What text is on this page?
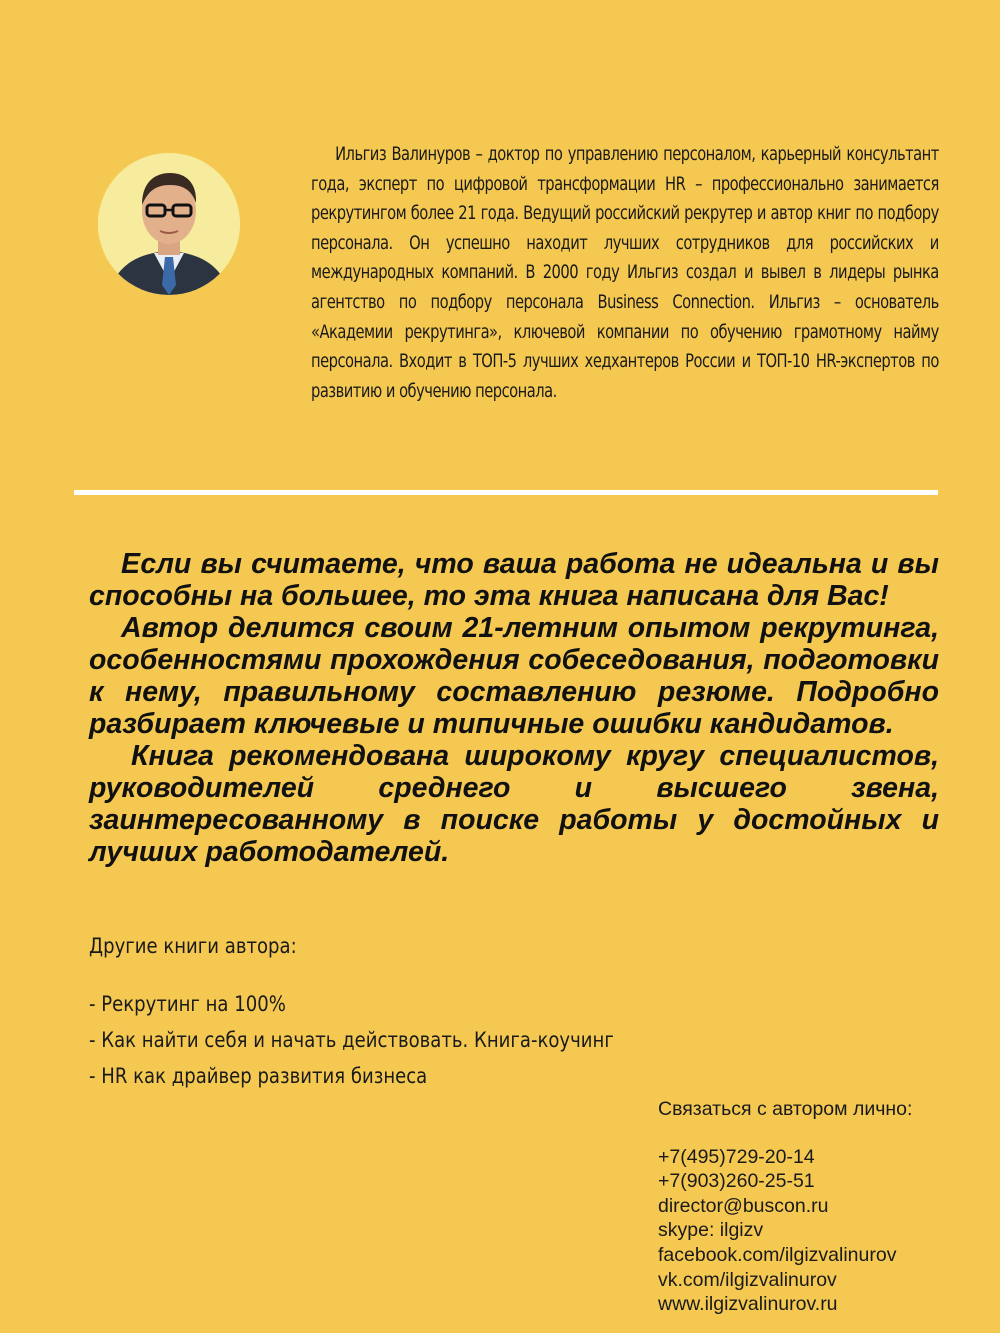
Ильгиз Валинуров – доктор по управлению персоналом, карьерный консультант года, эксперт по цифровой трансформации HR – профессионально занимается рекрутингом более 21 года. Ведущий российский рекрутер и автор книг по подбору персонала. Он успешно находит лучших сотрудников для российских и международных компаний. В 2000 году Ильгиз создал и вывел в лидеры рынка агентство по подбору персонала Business Connection. Ильгиз – основатель «Академии рекрутинга», ключевой компании по обучению грамотному найму персонала. Входит в ТОП-5 лучших хедхантеров России и ТОП-10 HR-экспертов по развитию и обучению персонала.

Если вы считаете, что ваша работа не идеальна и вы способны на большее, то эта книга написана для Вас!

Автор делится своим 21-летним опытом рекрутинга, особенностями прохождения собеседования, подготовки к нему, правильному составлению резюме. Подробно разбирает ключевые и типичные ошибки кандидатов.

Книга рекомендована широкому кругу специалистов, руководителей среднего и высшего звена, заинтересованному в поиске работы у достойных и лучших работодателей.

Другие книги автора:
- Рекрутинг на 100%
- Как найти себя и начать действовать. Книга-коучинг
- HR как драйвер развития бизнеса
Связаться с автором лично:
+7(495)729-20-14
+7(903)260-25-51
director@buscon.ru
skype: ilgizv
facebook.com/ilgizvalinurov
vk.com/ilgizvalinurov
www.ilgizvalinurov.ru
